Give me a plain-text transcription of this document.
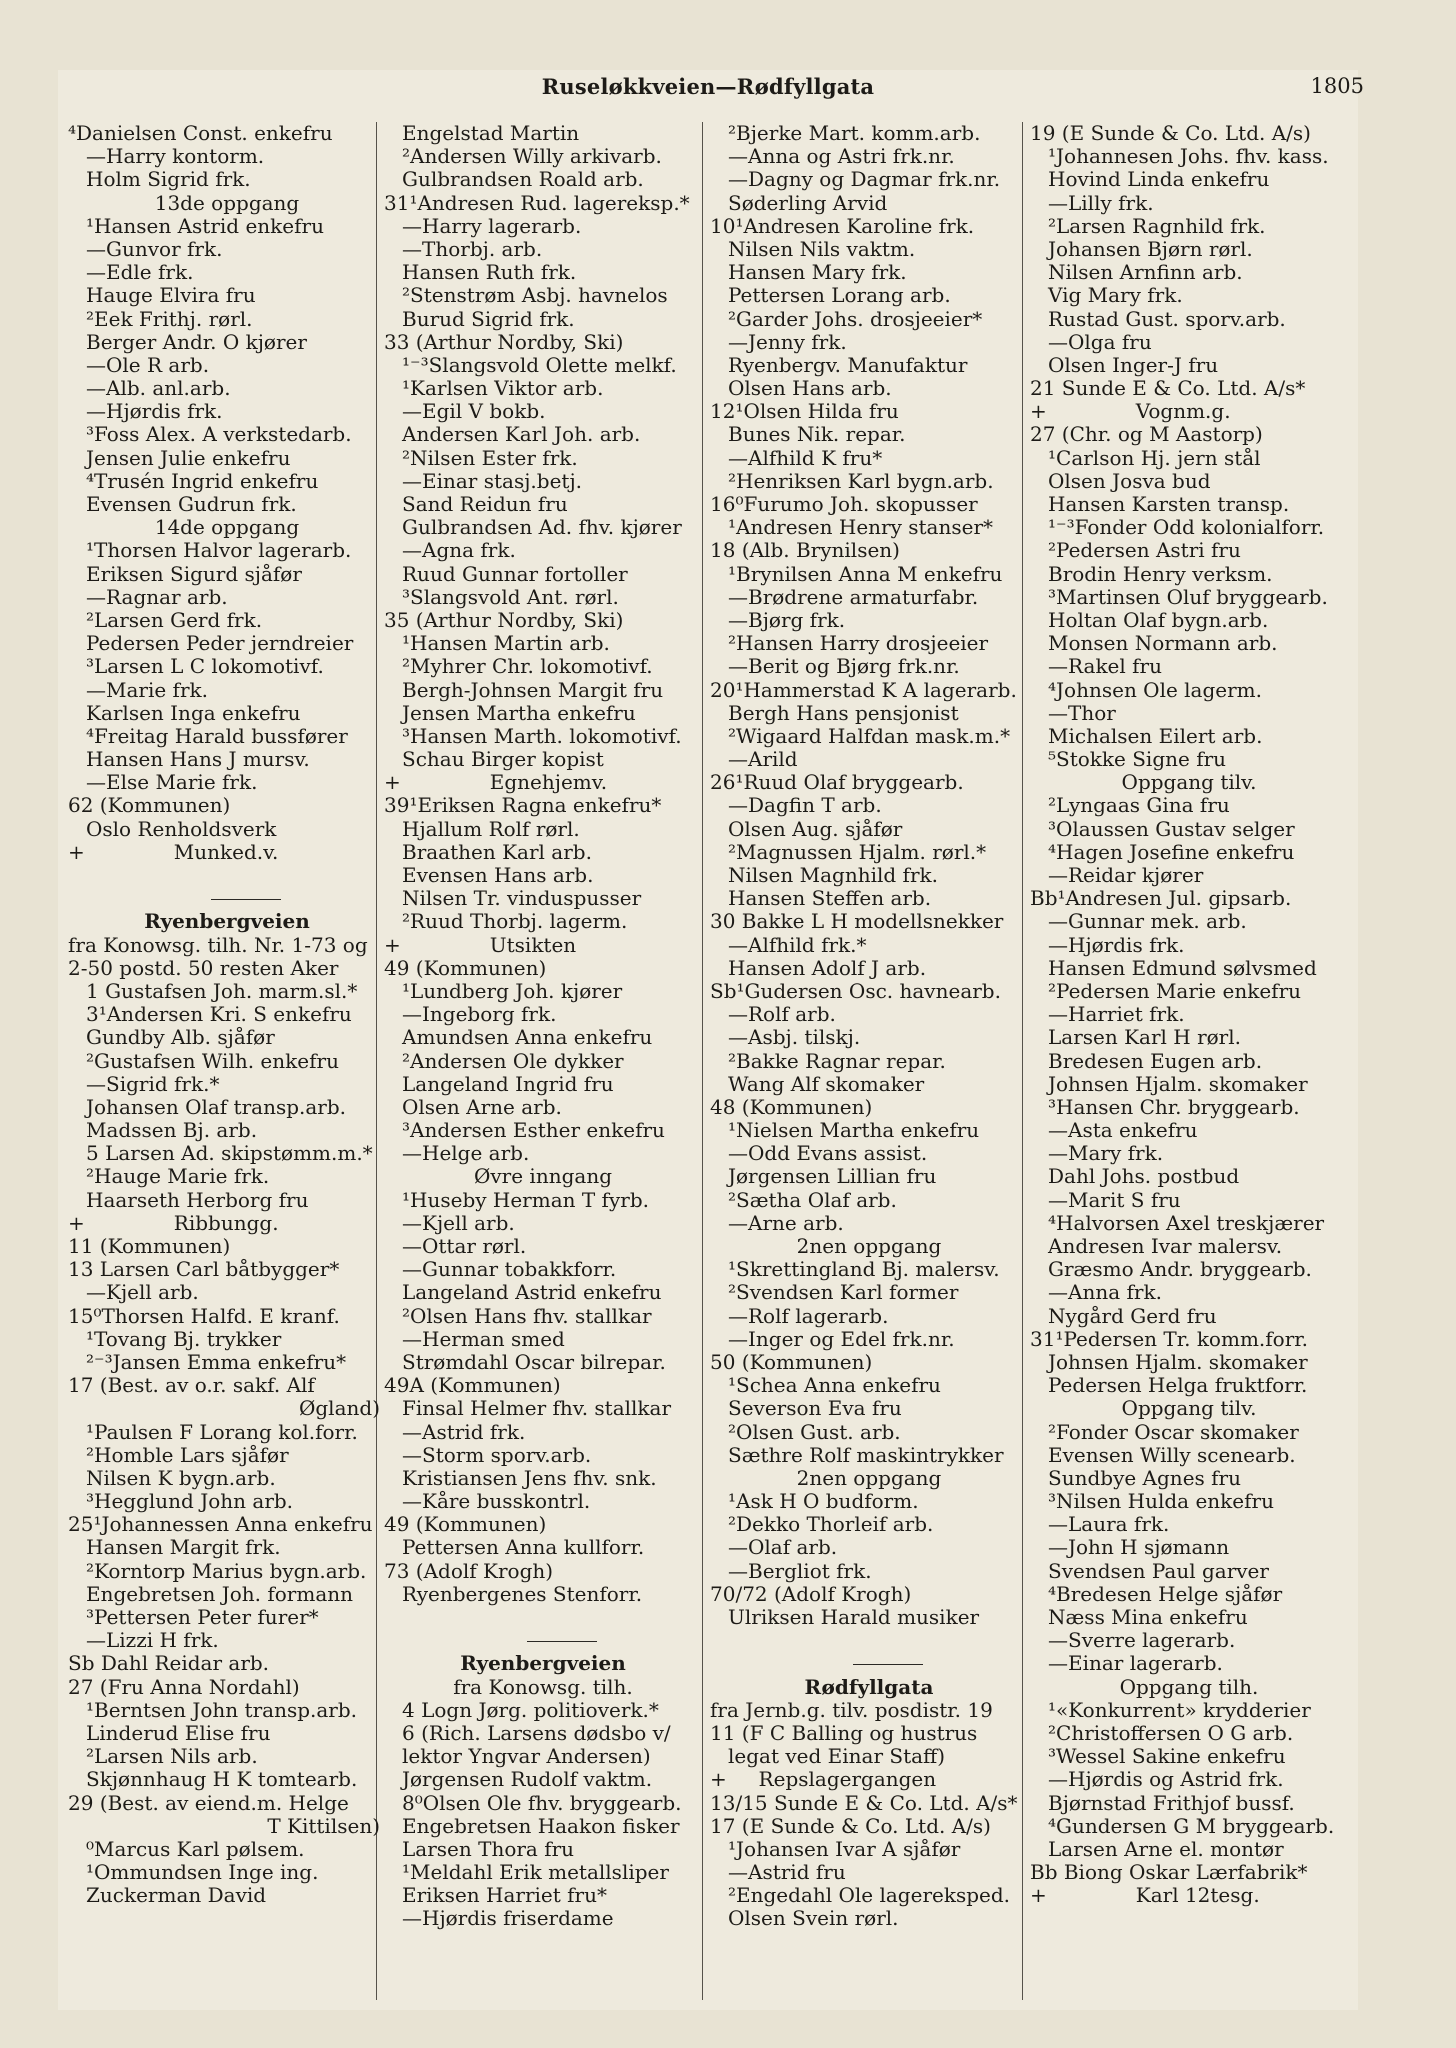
Ruseløkkveien—Rødfyllgata	1805
⁴Danielsen Const. enkefru
—Harry kontorm.
Holm Sigrid frk.
13de oppgang
¹Hansen Astrid enkefru
—Gunvor frk.
—Edle frk.
Hauge Elvira fru
²Eek Frithj. rørl.
Berger Andr. O kjører
—Ole R arb.
—Alb. anl.arb.
—Hjørdis frk.
³Foss Alex. A verkstedarb.
Jensen Julie enkefru
⁴Trusén Ingrid enkefru
Evensen Gudrun frk.
14de oppgang
¹Thorsen Halvor lagerarb.
Eriksen Sigurd sjåfør
—Ragnar arb.
²Larsen Gerd frk.
Pedersen Peder jerndreier
³Larsen L C lokomotivf.
—Marie frk.
Karlsen Inga enkefru
⁴Freitag Harald bussfører
Hansen Hans J mursv.
—Else Marie frk.
62 (Kommunen)
Oslo Renholdsverk
+              Munked.v.
Ryenbergveien
fra Konowsg. tilh. Nr. 1-73 og
2-50 postd. 50 resten Aker
1 Gustafsen Joh. marm.sl.*
3¹Andersen Kri. S enkefru
Gundby Alb. sjåfør
²Gustafsen Wilh. enkefru
—Sigrid frk.*
Johansen Olaf transp.arb.
Madssen Bj. arb.
5 Larsen Ad. skipstømm.m.*
²Hauge Marie frk.
Haarseth Herborg fru
+              Ribbungg.
11 (Kommunen)
13 Larsen Carl båtbygger*
—Kjell arb.
15⁰Thorsen Halfd. E kranf.
¹Tovang Bj. trykker
²⁻³Jansen Emma enkefru*
17 (Best. av o.r. sakf. Alf
Øgland)
¹Paulsen F Lorang kol.forr.
²Homble Lars sjåfør
Nilsen K bygn.arb.
³Hegglund John arb.
25¹Johannessen Anna enkefru
Hansen Margit frk.
²Korntorp Marius bygn.arb.
Engebretsen Joh. formann
³Pettersen Peter furer*
—Lizzi H frk.
Sb Dahl Reidar arb.
27 (Fru Anna Nordahl)
¹Berntsen John transp.arb.
Linderud Elise fru
²Larsen Nils arb.
Skjønnhaug H K tomtearb.
29 (Best. av eiend.m. Helge
T Kittilsen)
⁰Marcus Karl pølsem.
¹Ommundsen Inge ing.
Zuckerman David
Engelstad Martin
²Andersen Willy arkivarb.
Gulbrandsen Roald arb.
31¹Andresen Rud. lagereksp.*
—Harry lagerarb.
—Thorbj. arb.
Hansen Ruth frk.
²Stenstrøm Asbj. havnelos
Burud Sigrid frk.
33 (Arthur Nordby, Ski)
¹⁻³Slangsvold Olette melkf.
¹Karlsen Viktor arb.
—Egil V bokb.
Andersen Karl Joh. arb.
²Nilsen Ester frk.
—Einar stasj.betj.
Sand Reidun fru
Gulbrandsen Ad. fhv. kjører
—Agna frk.
Ruud Gunnar fortoller
³Slangsvold Ant. rørl.
35 (Arthur Nordby, Ski)
¹Hansen Martin arb.
²Myhrer Chr. lokomotivf.
Bergh-Johnsen Margit fru
Jensen Martha enkefru
³Hansen Marth. lokomotivf.
Schau Birger kopist
+              Egnehjemv.
39¹Eriksen Ragna enkefru*
Hjallum Rolf rørl.
Braathen Karl arb.
Evensen Hans arb.
Nilsen Tr. vinduspusser
²Ruud Thorbj. lagerm.
+              Utsikten
49 (Kommunen)
¹Lundberg Joh. kjører
—Ingeborg frk.
Amundsen Anna enkefru
²Andersen Ole dykker
Langeland Ingrid fru
Olsen Arne arb.
³Andersen Esther enkefru
—Helge arb.
Øvre inngang
¹Huseby Herman T fyrb.
—Kjell arb.
—Ottar rørl.
—Gunnar tobakkforr.
Langeland Astrid enkefru
²Olsen Hans fhv. stallkar
—Herman smed
Strømdahl Oscar bilrepar.
49A (Kommunen)
Finsal Helmer fhv. stallkar
—Astrid frk.
—Storm sporv.arb.
Kristiansen Jens fhv. snk.
—Kåre busskontrl.
49 (Kommunen)
Pettersen Anna kullforr.
73 (Adolf Krogh)
Ryenbergenes Stenforr.
Ryenbergveien
fra Konowsg. tilh.
4 Logn Jørg. politioverk.*
6 (Rich. Larsens dødsbo v/
lektor Yngvar Andersen)
Jørgensen Rudolf vaktm.
8⁰Olsen Ole fhv. bryggearb.
Engebretsen Haakon fisker
Larsen Thora fru
¹Meldahl Erik metallsliper
Eriksen Harriet fru*
—Hjørdis friserdame
²Bjerke Mart. komm.arb.
—Anna og Astri frk.nr.
—Dagny og Dagmar frk.nr.
Søderling Arvid
10¹Andresen Karoline frk.
Nilsen Nils vaktm.
Hansen Mary frk.
Pettersen Lorang arb.
²Garder Johs. drosjeeier*
—Jenny frk.
Ryenbergv. Manufaktur
Olsen Hans arb.
12¹Olsen Hilda fru
Bunes Nik. repar.
—Alfhild K fru*
²Henriksen Karl bygn.arb.
16⁰Furumo Joh. skopusser
¹Andresen Henry stanser*
18 (Alb. Brynilsen)
¹Brynilsen Anna M enkefru
—Brødrene armaturfabr.
—Bjørg frk.
²Hansen Harry drosjeeier
—Berit og Bjørg frk.nr.
20¹Hammerstad K A lagerarb.
Bergh Hans pensjonist
²Wigaard Halfdan mask.m.*
—Arild
26¹Ruud Olaf bryggearb.
—Dagfin T arb.
Olsen Aug. sjåfør
²Magnussen Hjalm. rørl.*
Nilsen Magnhild frk.
Hansen Steffen arb.
30 Bakke L H modellsnekker
—Alfhild frk.*
Hansen Adolf J arb.
Sb¹Gudersen Osc. havnearb.
—Rolf arb.
—Asbj. tilskj.
²Bakke Ragnar repar.
Wang Alf skomaker
48 (Kommunen)
¹Nielsen Martha enkefru
—Odd Evans assist.
Jørgensen Lillian fru
²Sætha Olaf arb.
—Arne arb.
2nen oppgang
¹Skrettingland Bj. malersv.
²Svendsen Karl former
—Rolf lagerarb.
—Inger og Edel frk.nr.
50 (Kommunen)
¹Schea Anna enkefru
Severson Eva fru
²Olsen Gust. arb.
Sæthre Rolf maskintrykker
2nen oppgang
¹Ask H O budform.
²Dekko Thorleif arb.
—Olaf arb.
—Bergliot frk.
70/72 (Adolf Krogh)
Ulriksen Harald musiker
Rødfyllgata
fra Jernb.g. tilv. posdistr. 19
11 (F C Balling og hustrus
legat ved Einar Staff)
+     Repslagergangen
13/15 Sunde E & Co. Ltd. A/s*
17 (E Sunde & Co. Ltd. A/s)
¹Johansen Ivar A sjåfør
—Astrid fru
²Engedahl Ole lagereksped.
Olsen Svein rørl.
19 (E Sunde & Co. Ltd. A/s)
¹Johannesen Johs. fhv. kass.
Hovind Linda enkefru
—Lilly frk.
²Larsen Ragnhild frk.
Johansen Bjørn rørl.
Nilsen Arnfinn arb.
Vig Mary frk.
Rustad Gust. sporv.arb.
—Olga fru
Olsen Inger-J fru
21 Sunde E & Co. Ltd. A/s*
+              Vognm.g.
27 (Chr. og M Aastorp)
¹Carlson Hj. jern stål
Olsen Josva bud
Hansen Karsten transp.
¹⁻³Fonder Odd kolonialforr.
²Pedersen Astri fru
Brodin Henry verksm.
³Martinsen Oluf bryggearb.
Holtan Olaf bygn.arb.
Monsen Normann arb.
—Rakel fru
⁴Johnsen Ole lagerm.
—Thor
Michalsen Eilert arb.
⁵Stokke Signe fru
Oppgang tilv.
²Lyngaas Gina fru
³Olaussen Gustav selger
⁴Hagen Josefine enkefru
—Reidar kjører
Bb¹Andresen Jul. gipsarb.
—Gunnar mek. arb.
—Hjørdis frk.
Hansen Edmund sølvsmed
²Pedersen Marie enkefru
—Harriet frk.
Larsen Karl H rørl.
Bredesen Eugen arb.
Johnsen Hjalm. skomaker
³Hansen Chr. bryggearb.
—Asta enkefru
—Mary frk.
Dahl Johs. postbud
—Marit S fru
⁴Halvorsen Axel treskjærer
Andresen Ivar malersv.
Græsmo Andr. bryggearb.
—Anna frk.
Nygård Gerd fru
31¹Pedersen Tr. komm.forr.
Johnsen Hjalm. skomaker
Pedersen Helga fruktforr.
Oppgang tilv.
²Fonder Oscar skomaker
Evensen Willy scenearb.
Sundbye Agnes fru
³Nilsen Hulda enkefru
—Laura frk.
—John H sjømann
Svendsen Paul garver
⁴Bredesen Helge sjåfør
Næss Mina enkefru
—Sverre lagerarb.
—Einar lagerarb.
Oppgang tilh.
¹«Konkurrent» krydderier
²Christoffersen O G arb.
³Wessel Sakine enkefru
—Hjørdis og Astrid frk.
Bjørnstad Frithjof bussf.
⁴Gundersen G M bryggearb.
Larsen Arne el. montør
Bb Biong Oskar Lærfabrik*
+              Karl 12tesg.
